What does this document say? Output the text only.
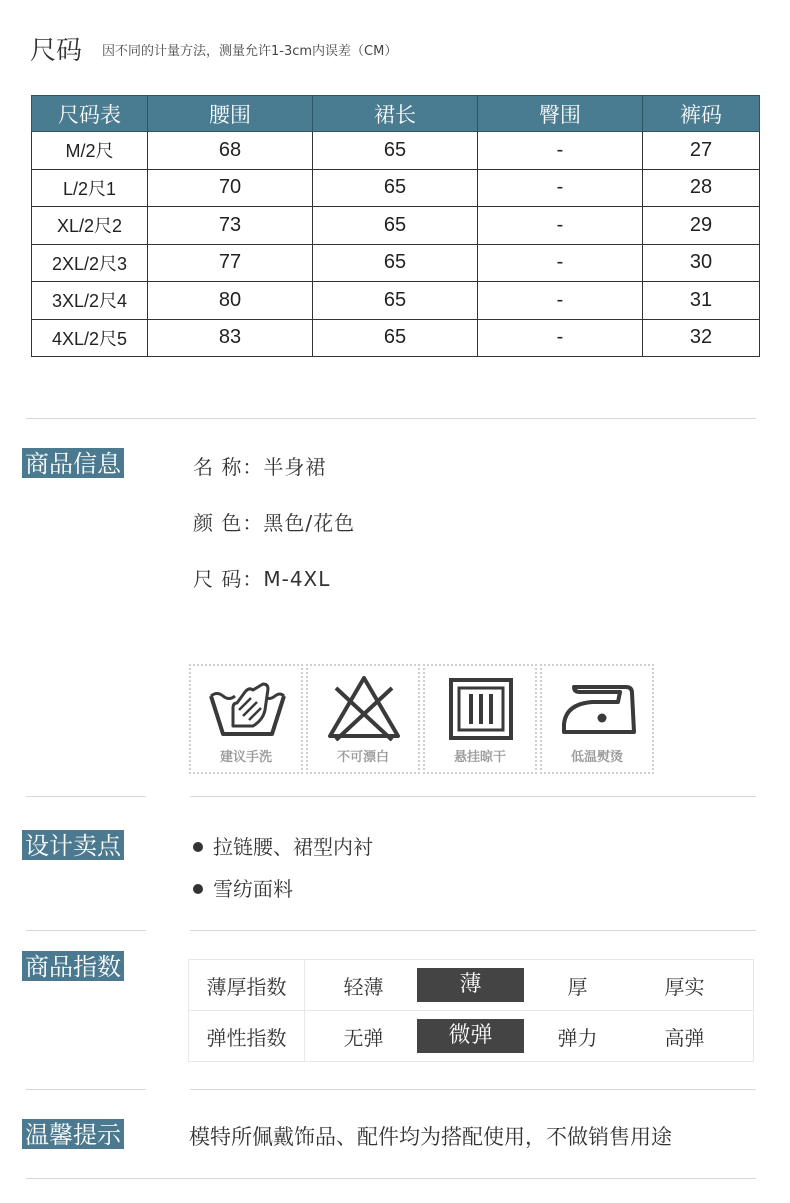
尺码 因不同的计量方法，测量允许1-3cm内误差（CM）
尺码表	腰围	裙长	臀围	裤码
M/2尺	68	65	-	27
L/2尺1	70	65	-	28
XL/2尺2	73	65	-	29
2XL/2尺3	77	65	-	30
3XL/2尺4	80	65	-	31
4XL/2尺5	83	65	-	32
商品信息	名 称：半身裙
颜 色：黑色/花色
尺 码：M-4XL
建议手洗	不可漂白	悬挂晾干	低温熨烫
设计卖点	拉链腰、裙型内衬
雪纺面料
商品指数
薄厚指数	轻薄 薄 厚 厚实

弹性指数	无弹 微弹 弹力 高弹
温馨提示	模特所佩戴饰品、配件均为搭配使用，不做销售用途
